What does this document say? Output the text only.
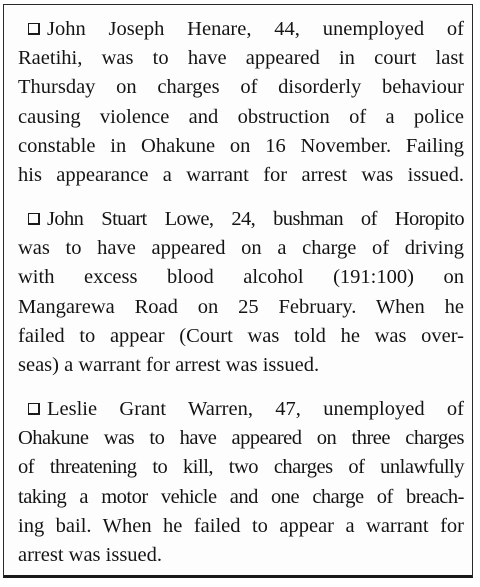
John Joseph Henare, 44, unemployed of
Raetihi, was to have appeared in court last
Thursday on charges of disorderly behaviour
causing violence and obstruction of a police
constable in Ohakune on 16 November. Failing
his appearance a warrant for arrest was issued.

John Stuart Lowe, 24, bushman of Horopito
was to have appeared on a charge of driving
with excess blood alcohol (191:100) on
Mangarewa Road on 25 February. When he
failed to appear (Court was told he was over-
seas) a warrant for arrest was issued.

Leslie Grant Warren, 47, unemployed of
Ohakune was to have appeared on three charges
of threatening to kill, two charges of unlawfully
taking a motor vehicle and one charge of breach-
ing bail. When he failed to appear a warrant for
arrest was issued.
